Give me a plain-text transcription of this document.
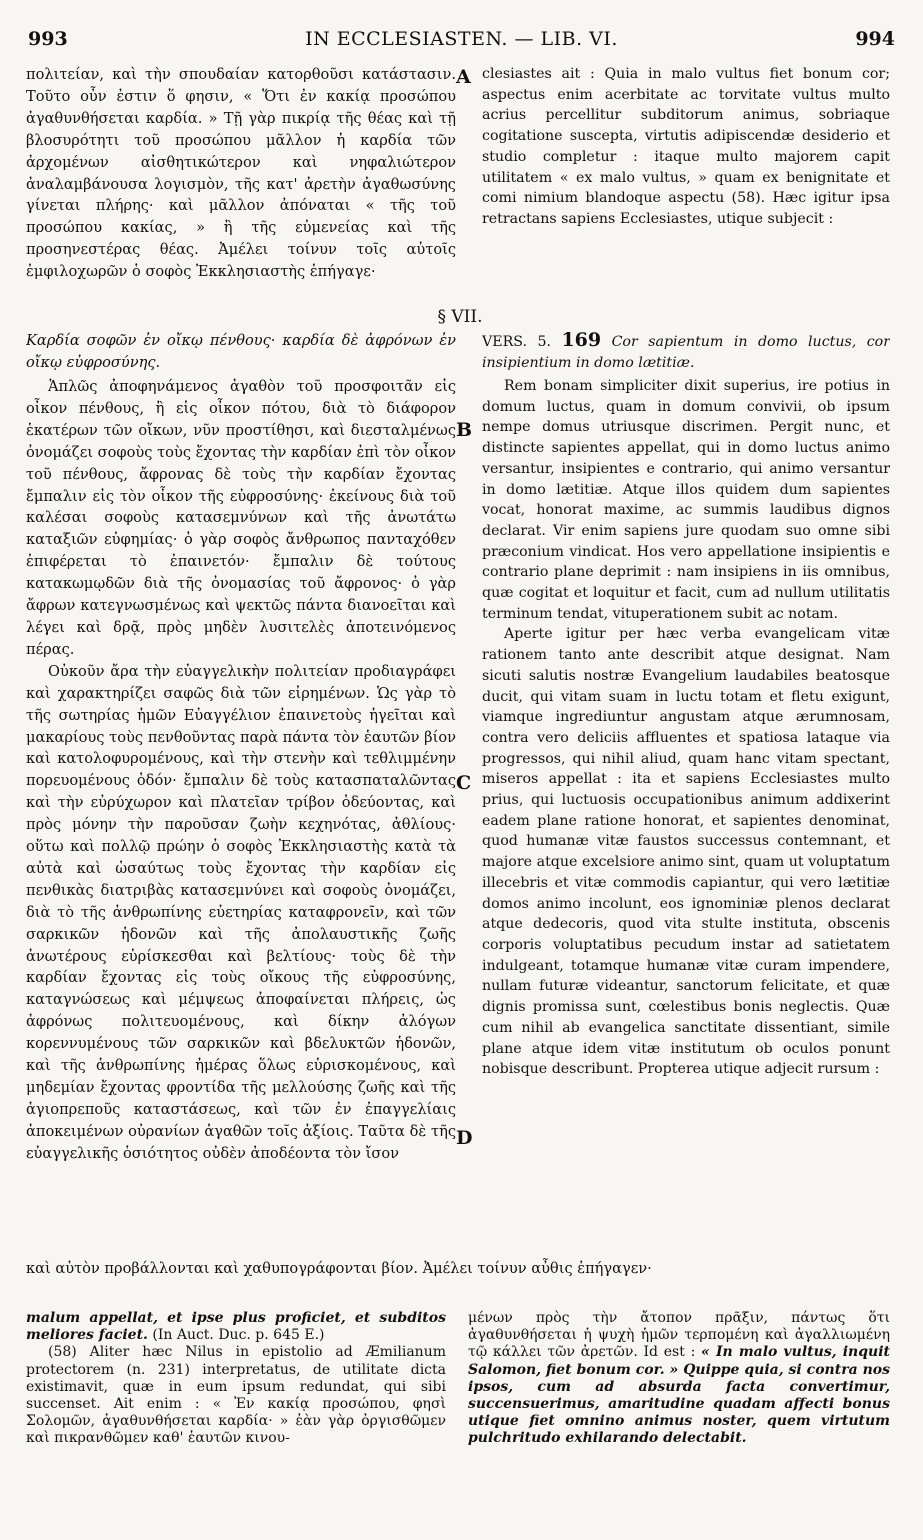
993	IN ECCLESIASTEN. — LIB. VI.	994
A
B
C
D

πολιτείαν, καὶ τὴν σπουδαίαν κατορθοῦσι κατάστασιν. Τοῦτο οὖν ἐστιν ὅ φησιν, « Ὅτι ἐν κακίᾳ προσώπου ἀγαθυνθήσεται καρδία. » Τῇ γὰρ πικρίᾳ τῆς θέας καὶ τῇ βλοσυρότητι τοῦ προσώπου μᾶλλον ἡ καρδία τῶν ἀρχομένων αἰσθητικώτερον καὶ νηφαλιώτερον ἀναλαμβάνουσα λογισμὸν, τῆς κατ' ἀρετὴν ἀγαθωσύνης γίνεται πλήρης· καὶ μᾶλλον ἀπόναται « τῆς τοῦ προσώπου κακίας, » ἢ τῆς εὐμενείας καὶ τῆς προσηνεστέρας θέας. Ἀμέλει τοίνυν τοῖς αὐτοῖς ἐμφιλοχωρῶν ὁ σοφὸς Ἐκκλησιαστὴς ἐπήγαγε·

clesiastes ait : Quia in malo vultus fiet bonum cor; aspectus enim acerbitate ac torvitate vultus multo acrius percellitur subditorum animus, sobriaque cogitatione suscepta, virtutis adipiscendæ desiderio et studio completur : itaque multo majorem capit utilitatem « ex malo vultus, » quam ex benignitate et comi nimium blandoque aspectu (58). Hæc igitur ipsa retractans sapiens Ecclesiastes, utique subjecit :

§ VII.

Καρδία σοφῶν ἐν οἴκῳ πένθους· καρδία δὲ ἀφρόνων ἐν οἴκῳ εὐφροσύνης.

VERS. 5. 169 Cor sapientum in domo luctus, cor insipientium in domo lætitiæ.

Ἁπλῶς ἀποφηνάμενος ἀγαθὸν τοῦ προσφοιτᾶν εἰς οἶκον πένθους, ἢ εἰς οἶκον πότου, διὰ τὸ διάφορον ἑκατέρων τῶν οἴκων, νῦν προστίθησι, καὶ διεσταλμένως ὀνομάζει σοφοὺς τοὺς ἔχοντας τὴν καρδίαν ἐπὶ τὸν οἶκον τοῦ πένθους, ἄφρονας δὲ τοὺς τὴν καρδίαν ἔχοντας ἔμπαλιν εἰς τὸν οἶκον τῆς εὐφροσύνης· ἐκείνους διὰ τοῦ καλέσαι σοφοὺς κατασεμνύνων καὶ τῆς ἀνωτάτω καταξιῶν εὐφημίας· ὁ γὰρ σοφὸς ἄνθρωπος πανταχόθεν ἐπιφέρεται τὸ ἐπαινετόν· ἔμπαλιν δὲ τούτους κατακωμῳδῶν διὰ τῆς ὀνομασίας τοῦ ἄφρονος· ὁ γὰρ ἄφρων κατεγνωσμένως καὶ ψεκτῶς πάντα διανοεῖται καὶ λέγει καὶ δρᾷ, πρὸς μηδὲν λυσιτελὲς ἀποτεινόμενος πέρας.

Οὐκοῦν ἄρα τὴν εὐαγγελικὴν πολιτείαν προδιαγράφει καὶ χαρακτηρίζει σαφῶς διὰ τῶν εἰρημένων. Ὡς γὰρ τὸ τῆς σωτηρίας ἡμῶν Εὐαγγέλιον ἐπαινετοὺς ἡγεῖται καὶ μακαρίους τοὺς πενθοῦντας παρὰ πάντα τὸν ἑαυτῶν βίον καὶ κατολοφυρομένους, καὶ τὴν στενὴν καὶ τεθλιμμένην πορευομένους ὁδόν· ἔμπαλιν δὲ τοὺς κατασπαταλῶντας καὶ τὴν εὐρύχωρον καὶ πλατεῖαν τρίβον ὁδεύοντας, καὶ πρὸς μόνην τὴν παροῦσαν ζωὴν κεχηνότας, ἀθλίους· οὕτω καὶ πολλῷ πρώην ὁ σοφὸς Ἐκκλησιαστὴς κατὰ τὰ αὐτὰ καὶ ὡσαύτως τοὺς ἔχοντας τὴν καρδίαν εἰς πενθικὰς διατριβὰς κατασεμνύνει καὶ σοφοὺς ὀνομάζει, διὰ τὸ τῆς ἀνθρωπίνης εὐετηρίας καταφρονεῖν, καὶ τῶν σαρκικῶν ἡδονῶν καὶ τῆς ἀπολαυστικῆς ζωῆς ἀνωτέρους εὑρίσκεσθαι καὶ βελτίους· τοὺς δὲ τὴν καρδίαν ἔχοντας εἰς τοὺς οἴκους τῆς εὐφροσύνης, καταγνώσεως καὶ μέμψεως ἀποφαίνεται πλήρεις, ὡς ἀφρόνως πολιτευομένους, καὶ δίκην ἀλόγων κορεννυμένους τῶν σαρκικῶν καὶ βδελυκτῶν ἡδονῶν, καὶ τῆς ἀνθρωπίνης ἡμέρας ὅλως εὑρισκομένους, καὶ μηδεμίαν ἔχοντας φροντίδα τῆς μελλούσης ζωῆς καὶ τῆς ἁγιοπρεποῦς καταστάσεως, καὶ τῶν ἐν ἐπαγγελίαις ἀποκειμένων οὐρανίων ἀγαθῶν τοῖς ἀξίοις. Ταῦτα δὲ τῆς εὐαγγελικῆς ὁσιότητος οὐδὲν ἀποδέοντα τὸν ἴσον

Rem bonam simpliciter dixit superius, ire potius in domum luctus, quam in domum convivii, ob ipsum nempe domus utriusque discrimen. Pergit nunc, et distincte sapientes appellat, qui in domo luctus animo versantur, insipientes e contrario, qui animo versantur in domo lætitiæ. Atque illos quidem dum sapientes vocat, honorat maxime, ac summis laudibus dignos declarat. Vir enim sapiens jure quodam suo omne sibi præconium vindicat. Hos vero appellatione insipientis e contrario plane deprimit : nam insipiens in iis omnibus, quæ cogitat et loquitur et facit, cum ad nullum utilitatis terminum tendat, vituperationem subit ac notam.

Aperte igitur per hæc verba evangelicam vitæ rationem tanto ante describit atque designat. Nam sicuti salutis nostræ Evangelium laudabiles beatosque ducit, qui vitam suam in luctu totam et fletu exigunt, viamque ingrediuntur angustam atque ærumnosam, contra vero deliciis affluentes et spatiosa lataque via progressos, qui nihil aliud, quam hanc vitam spectant, miseros appellat : ita et sapiens Ecclesiastes multo prius, qui luctuosis occupationibus animum addixerint eadem plane ratione honorat, et sapientes denominat, quod humanæ vitæ faustos successus contemnant, et majore atque excelsiore animo sint, quam ut voluptatum illecebris et vitæ commodis capiantur, qui vero lætitiæ domos animo incolunt, eos ignominiæ plenos declarat atque dedecoris, quod vita stulte instituta, obscenis corporis voluptatibus pecudum instar ad satietatem indulgeant, totamque humanæ vitæ curam impendere, nullam futuræ videantur, sanctorum felicitate, et quæ dignis promissa sunt, cœlestibus bonis neglectis. Quæ cum nihil ab evangelica sanctitate dissentiant, simile plane atque idem vitæ institutum ob oculos ponunt nobisque describunt. Propterea utique adjecit rursum :

καὶ αὐτὸν προβάλλονται καὶ χαθυπογράφονται βίον. Ἀμέλει τοίνυν αὖθις ἐπήγαγεν·

malum appellat, et ipse plus proficiet, et subditos meliores faciet. (In Auct. Duc. p. 645 E.)

(58) Aliter hæc Nilus in epistolio ad Æmilianum protectorem (n. 231) interpretatus, de utilitate dicta existimavit, quæ in eum ipsum redundat, qui sibi succenset. Ait enim : « Ἐν κακίᾳ προσώπου, φησὶ Σολομῶν, ἀγαθυνθήσεται καρδία· » ἐὰν γὰρ ὀργισθῶμεν καὶ πικρανθῶμεν καθ' ἑαυτῶν κινου-

μένων πρὸς τὴν ἄτοπον πρᾶξιν, πάντως ὅτι ἀγαθυνθήσεται ἡ ψυχὴ ἡμῶν τερπομένη καὶ ἀγαλλιωμένη τῷ κάλλει τῶν ἀρετῶν. Id est : « In malo vultus, inquit Salomon, fiet bonum cor. » Quippe quia, si contra nos ipsos, cum ad absurda facta convertimur, succensuerimus, amaritudine quadam affecti bonus utique fiet omnino animus noster, quem virtutum pulchritudo exhilarando delectabit.
